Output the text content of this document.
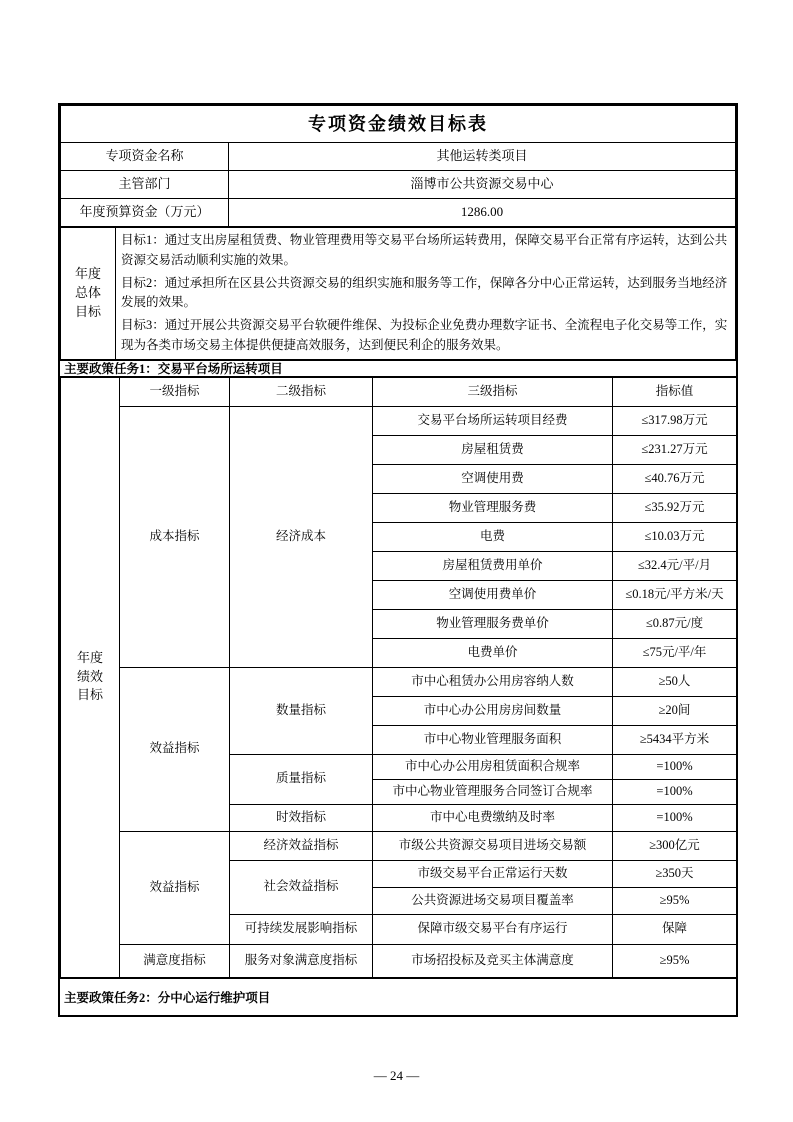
专项资金绩效目标表	
专项资金名称	其他运转类项目
主管部门	淄博市公共资源交易中心
年度预算资金（万元）	1286.00
年度总体目标

目标1：通过支出房屋租赁费、物业管理费用等交易平台场所运转费用，保障交易平台正常有序运转，达到公共资源交易活动顺利实施的效果。

目标2：通过承担所在区县公共资源交易的组织实施和服务等工作，保障各分中心正常运转，达到服务当地经济发展的效果。

目标3：通过开展公共资源交易平台软硬件维保、为投标企业免费办理数字证书、全流程电子化交易等工作，实现为各类市场交易主体提供便捷高效服务，达到便民利企的服务效果。

主要政策任务1：交易平台场所运转项目
年度绩效目标	一级指标	二级指标	三级指标	指标值
	成本指标	经济成本	交易平台场所运转项目经费	≤317.98万元
			房屋租赁费	≤231.27万元
			空调使用费	≤40.76万元
			物业管理服务费	≤35.92万元
			电费	≤10.03万元
			房屋租赁费用单价	≤32.4元/平/月
			空调使用费单价	≤0.18元/平方米/天
			物业管理服务费单价	≤0.87元/度
			电费单价	≤75元/平/年
	效益指标	数量指标	市中心租赁办公用房容纳人数	≥50人
			市中心办公用房房间数量	≥20间
			市中心物业管理服务面积	≥5434平方米
		质量指标	市中心办公用房租赁面积合规率	=100%
			市中心物业管理服务合同签订合规率	=100%
		时效指标	市中心电费缴纳及时率	=100%
	效益指标	经济效益指标	市级公共资源交易项目进场交易额	≥300亿元
		社会效益指标	市级交易平台正常运行天数	≥350天
			公共资源进场交易项目覆盖率	≥95%
		可持续发展影响指标	保障市级交易平台有序运行	保障
	满意度指标	服务对象满意度指标	市场招投标及竞买主体满意度	≥95%
主要政策任务2：分中心运行维护项目
— 24 —
